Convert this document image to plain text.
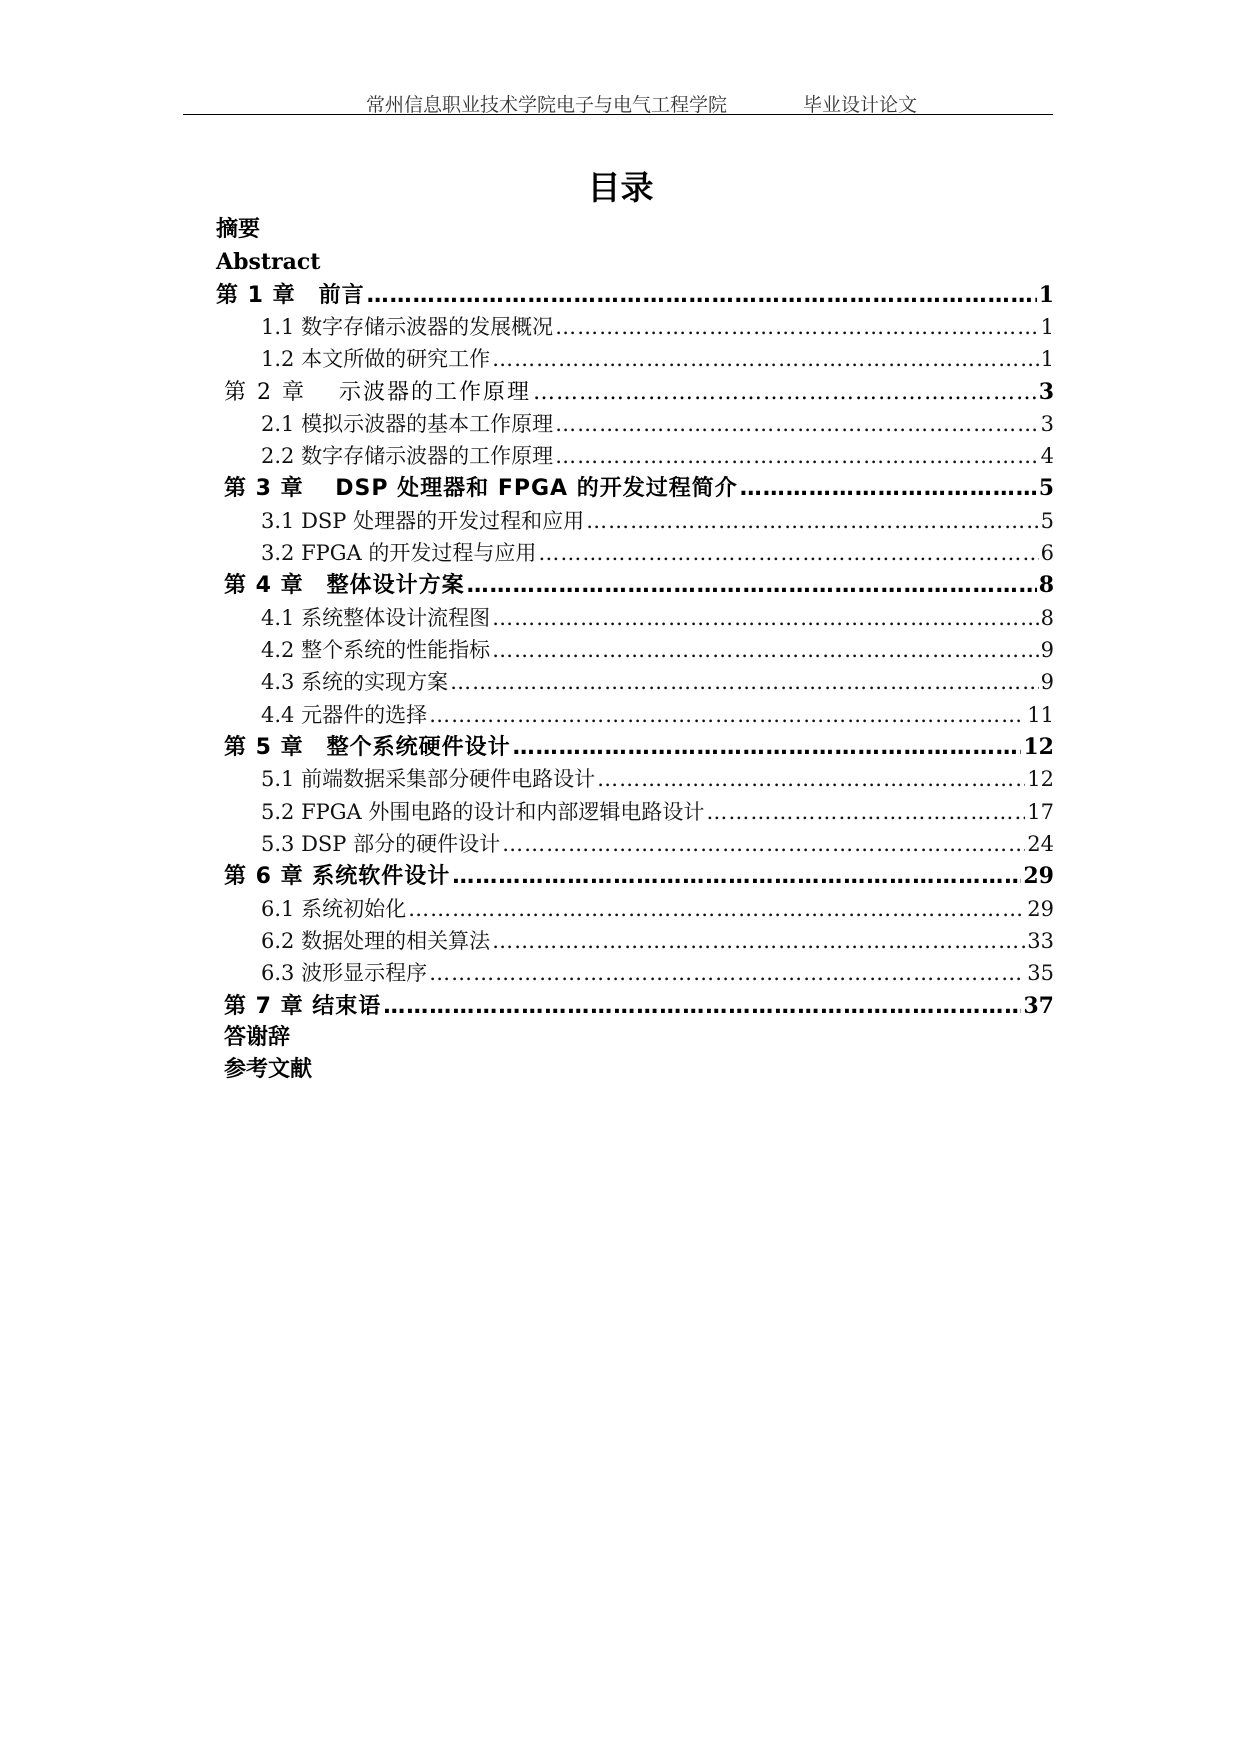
常州信息职业技术学院电子与电气工程学院	毕业设计论文
目录
摘要
Abstract
第 1 章　前言 …………………………………………………………………………………………………………………………………………………………………………………………………………	1
1.1 数字存储示波器的发展概况 …………………………………………………………………………………………………………………………………………………………………………………………………………	1
1.2 本文所做的研究工作 …………………………………………………………………………………………………………………………………………………………………………………………………………	1
第 2 章　 示波器的工作原理 …………………………………………………………………………………………………………………………………………………………………………………………………………	3
2.1 模拟示波器的基本工作原理 …………………………………………………………………………………………………………………………………………………………………………………………………………	3
2.2 数字存储示波器的工作原理 …………………………………………………………………………………………………………………………………………………………………………………………………………	4
第 3 章　 DSP 处理器和 FPGA 的开发过程简介 …………………………………………………………………………………………………………………………………………………………………………………………………………	5
3.1 DSP 处理器的开发过程和应用 …………………………………………………………………………………………………………………………………………………………………………………………………………	5
3.2 FPGA 的开发过程与应用 …………………………………………………………………………………………………………………………………………………………………………………………………………	6
第 4 章　整体设计方案 …………………………………………………………………………………………………………………………………………………………………………………………………………	8
4.1 系统整体设计流程图 …………………………………………………………………………………………………………………………………………………………………………………………………………	8
4.2 整个系统的性能指标 …………………………………………………………………………………………………………………………………………………………………………………………………………	9
4.3 系统的实现方案 …………………………………………………………………………………………………………………………………………………………………………………………………………	9
4.4 元器件的选择 …………………………………………………………………………………………………………………………………………………………………………………………………………	11
第 5 章　整个系统硬件设计 …………………………………………………………………………………………………………………………………………………………………………………………………………	12
5.1 前端数据采集部分硬件电路设计 …………………………………………………………………………………………………………………………………………………………………………………………………………	12
5.2 FPGA 外围电路的设计和内部逻辑电路设计 …………………………………………………………………………………………………………………………………………………………………………………………………………	17
5.3 DSP 部分的硬件设计 …………………………………………………………………………………………………………………………………………………………………………………………………………	24
第 6 章 系统软件设计 …………………………………………………………………………………………………………………………………………………………………………………………………………	29
6.1 系统初始化 …………………………………………………………………………………………………………………………………………………………………………………………………………	29
6.2 数据处理的相关算法 …………………………………………………………………………………………………………………………………………………………………………………………………………	33
6.3 波形显示程序 …………………………………………………………………………………………………………………………………………………………………………………………………………	35
第 7 章 结束语 …………………………………………………………………………………………………………………………………………………………………………………………………………	37
答谢辞
参考文献
